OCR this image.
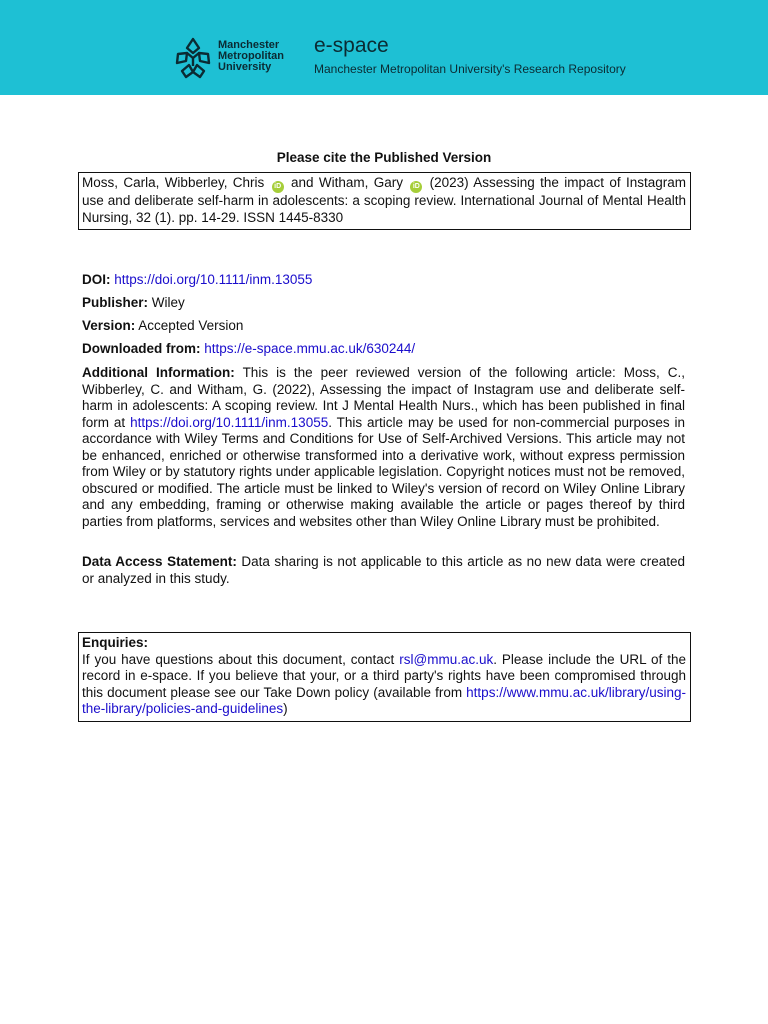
Manchester
Metropolitan
University
e-space
Manchester Metropolitan University's Research Repository
Please cite the Published Version
Moss, Carla, Wibberley, Chris iD and Witham, Gary iD (2023) Assessing the impact of Instagram use and deliberate self-harm in adolescents: a scoping review. International Journal of Mental Health Nursing, 32 (1). pp. 14-29. ISSN 1445-8330
DOI: https://doi.org/10.1111/inm.13055
Publisher: Wiley
Version: Accepted Version
Downloaded from: https://e-space.mmu.ac.uk/630244/
Additional Information: This is the peer reviewed version of the following article: Moss, C., Wibberley, C. and Witham, G. (2022), Assessing the impact of Instagram use and deliberate self-harm in adolescents: A scoping review. Int J Mental Health Nurs., which has been published in final form at https://doi.org/10.1111/inm.13055. This article may be used for non-commercial purposes in accordance with Wiley Terms and Conditions for Use of Self-Archived Versions. This article may not be enhanced, enriched or otherwise transformed into a derivative work, without express permission from Wiley or by statutory rights under applicable legislation. Copyright notices must not be removed, obscured or modified. The article must be linked to Wiley's version of record on Wiley Online Library and any embedding, framing or otherwise making available the article or pages thereof by third parties from platforms, services and websites other than Wiley Online Library must be prohibited.
Data Access Statement: Data sharing is not applicable to this article as no new data were created or analyzed in this study.
Enquiries:
If you have questions about this document, contact rsl@mmu.ac.uk. Please include the URL of the record in e-space. If you believe that your, or a third party's rights have been compromised through this document please see our Take Down policy (available from https://www.mmu.ac.uk/library/using-the-library/policies-and-guidelines)
